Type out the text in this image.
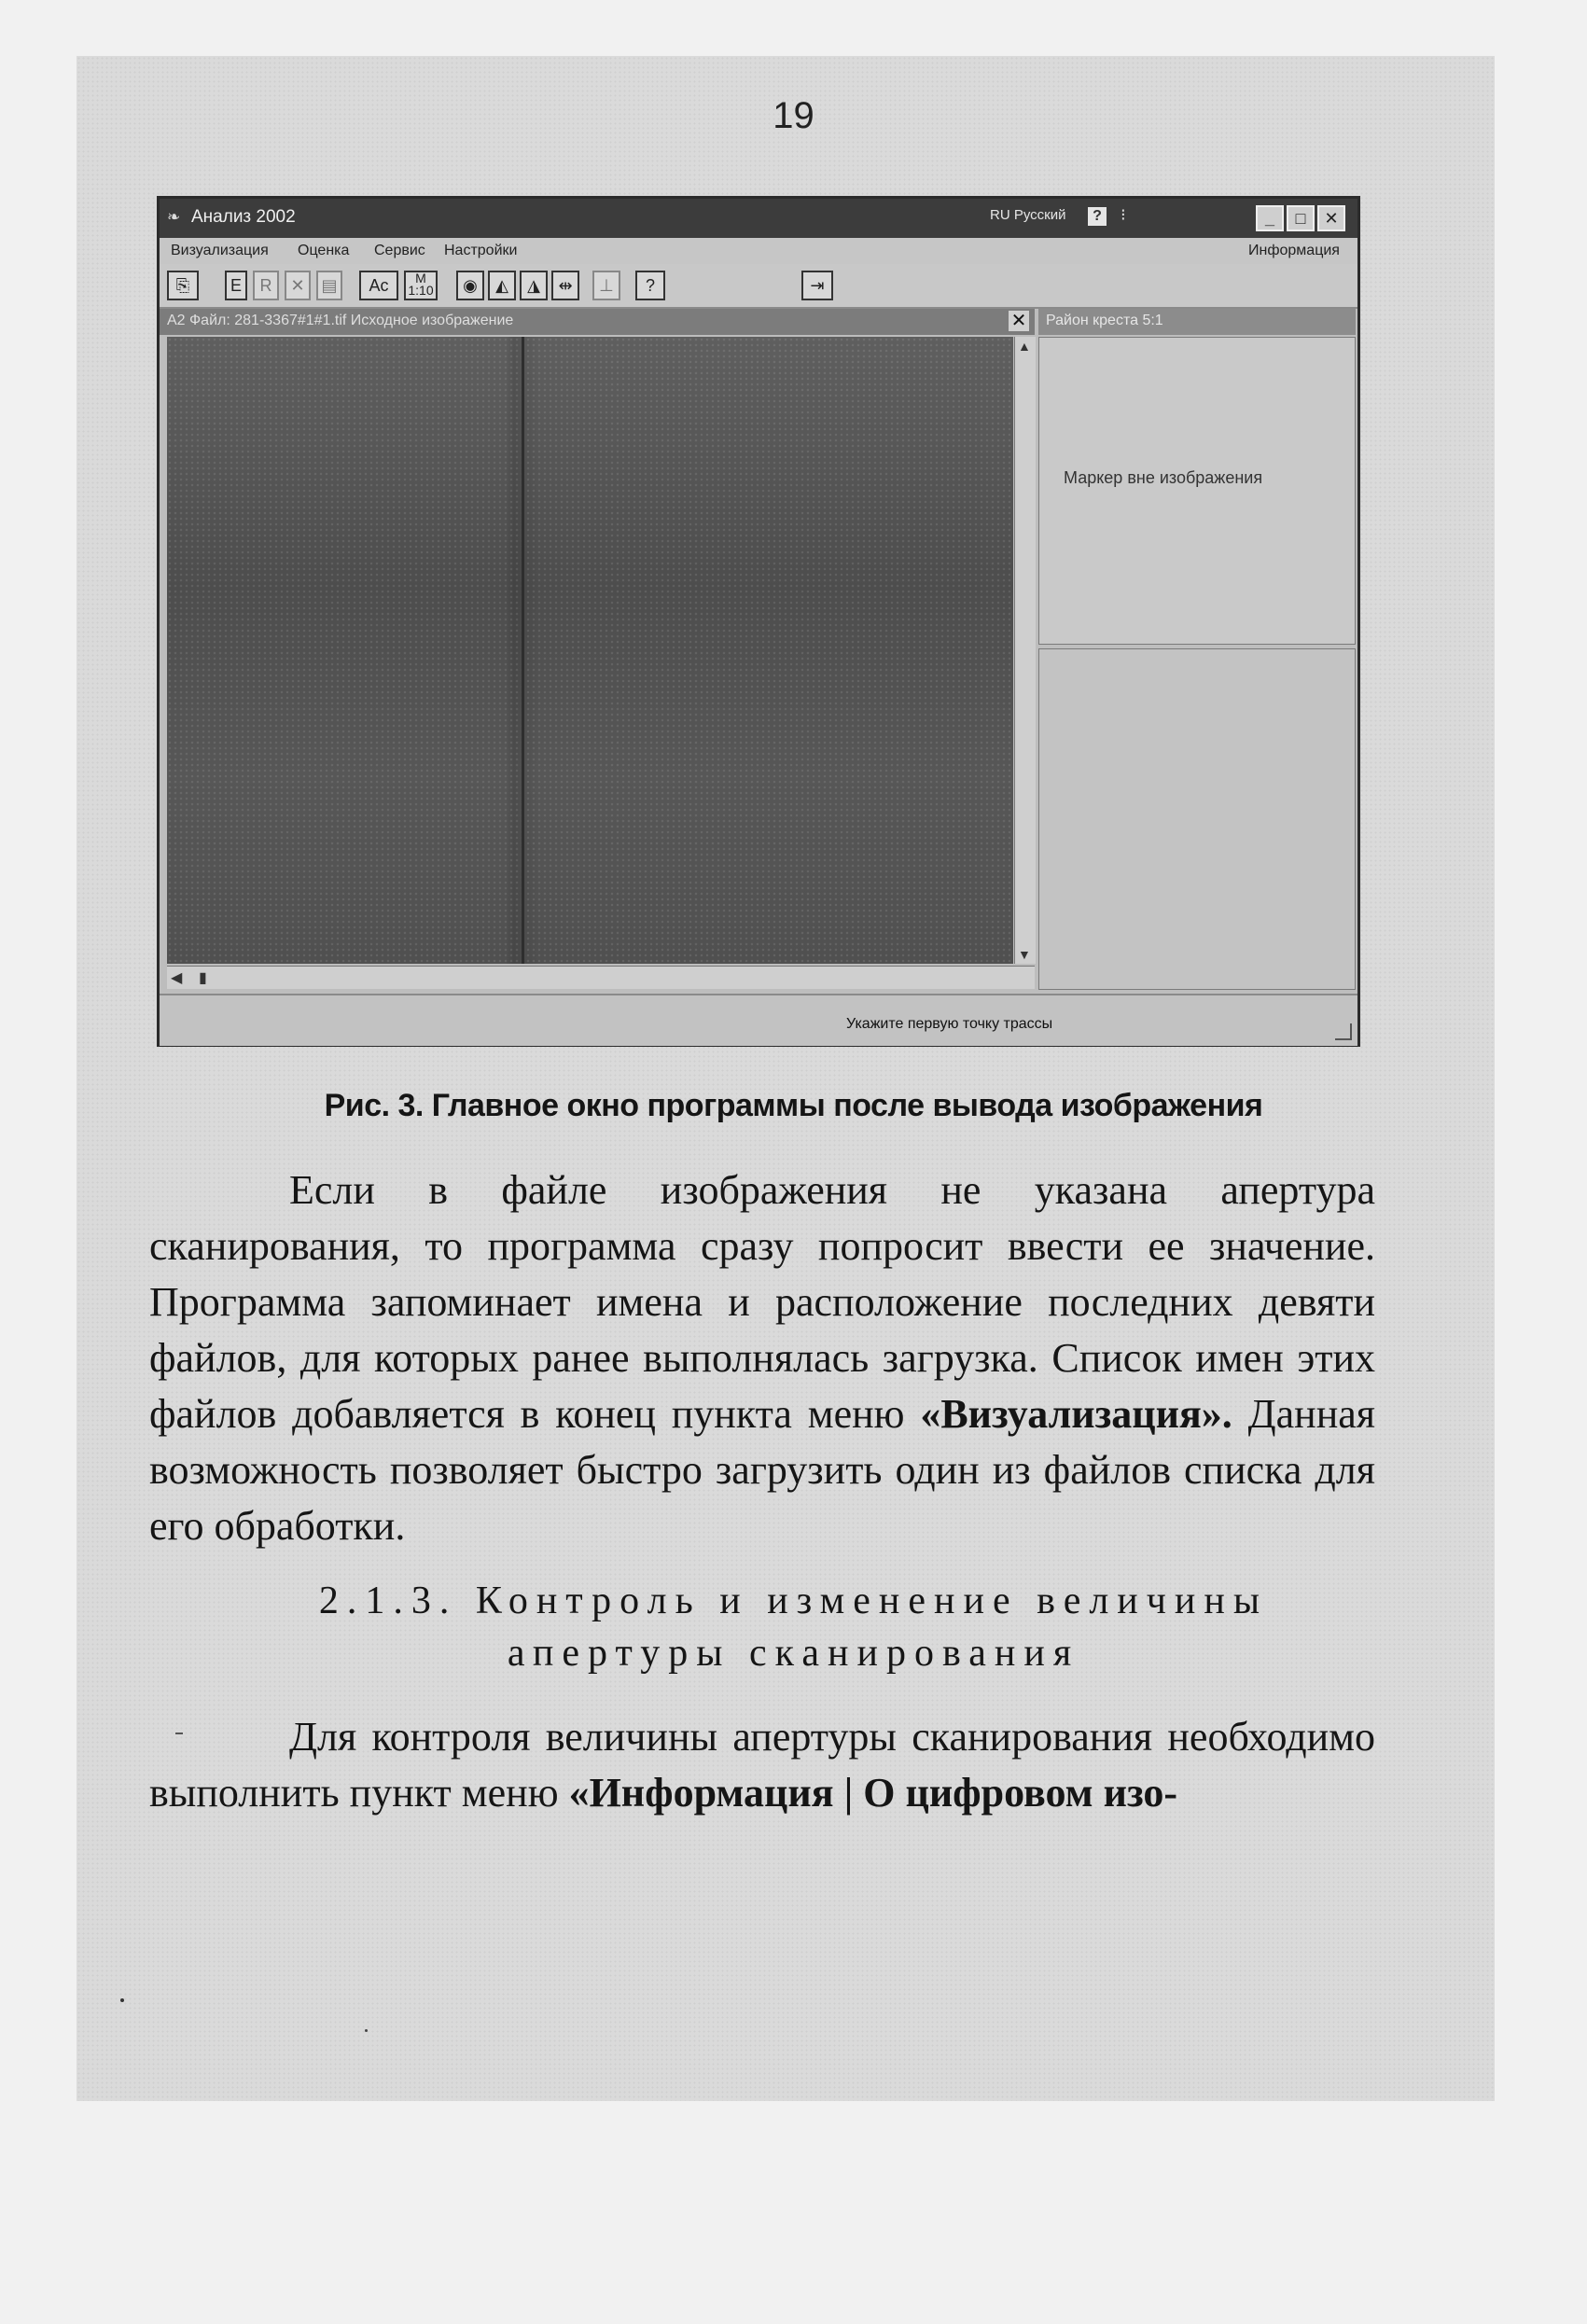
19
❧ Анализ 2002	RU Русский	? ⁝	_	□	✕
Визуализация Оценка Сервис Настройки	Информация
⎘	E	R	✕ ▤	Ac	M 1:10	◉	◭	◮	⇹	⊥	?	⇥
A2 Файл: 281-3367#1#1.tif Исходное изображение	✕
▲
▼
◀ ▮
Район креста 5:1
Маркер вне изображения
Укажите первую точку трассы
Рис. 3. Главное окно программы после вывода изображения

Если в файле изображения не указана апертура сканирования, то программа сразу попросит ввести ее значение. Программа запоминает имена и расположение последних девяти файлов, для которых ранее выполнялась загрузка. Список имен этих файлов добавляется в конец пункта меню «Визуализация». Данная возможность позволяет быстро загрузить один из файлов списка для его обработки.

2.1.3. Контроль и изменение величины
апертуры сканирования

Для контроля величины апертуры сканирования необходимо выполнить пункт меню «Информация | О цифровом изо-
